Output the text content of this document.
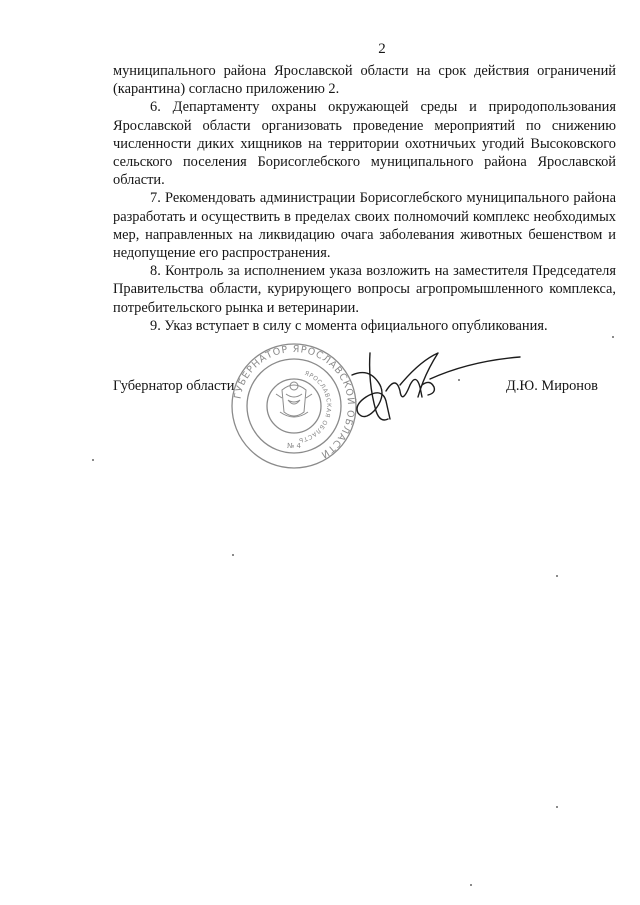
2

муниципального района Ярославской области на срок действия ограничений (карантина) согласно приложению 2.

6. Департаменту охраны окружающей среды и природопользования Ярославской области организовать проведение мероприятий по снижению численности диких хищников на территории охотничьих угодий Высоковского сельского поселения Борисоглебского муниципального района Ярославской области.

7. Рекомендовать администрации Борисоглебского муниципального района разработать и осуществить в пределах своих полномочий комплекс необходимых мер, направленных на ликвидацию очага заболевания животных бешенством и недопущение его распространения.

8. Контроль за исполнением указа возложить на заместителя Председателя Правительства области, курирующего вопросы агропромышленного комплекса, потребительского рынка и ветеринарии.

9. Указ вступает в силу с момента официального опубликования.

ГУБЕРНАТОР ЯРОСЛАВСКОЙ ОБЛАСТИ
ЯРОСЛАВСКАЯ ОБЛАСТЬ
№ 4
Губернатор области	Д.Ю. Миронов
